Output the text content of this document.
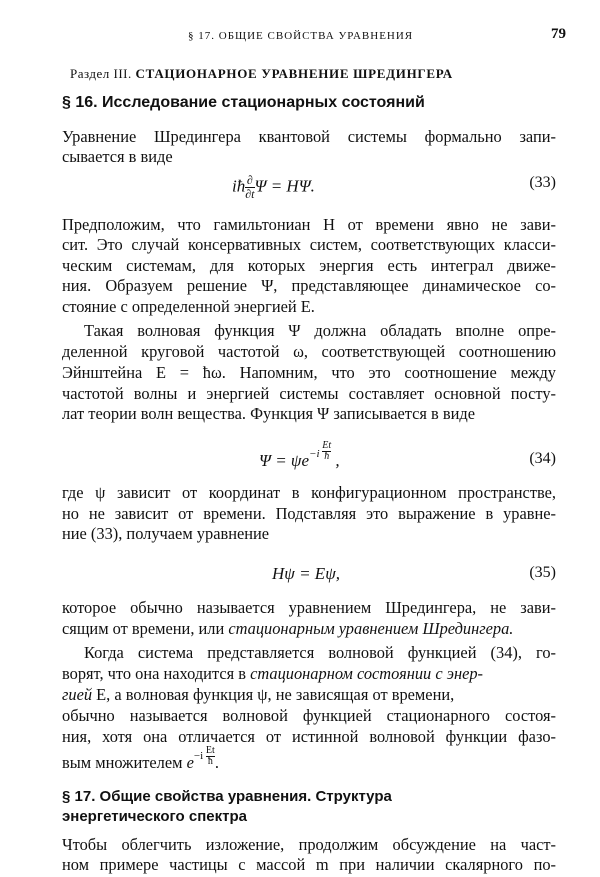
§ 17. ОБЩИЕ СВОЙСТВА УРАВНЕНИЯ	79
Раздел III. СТАЦИОНАРНОЕ УРАВНЕНИЕ ШРЕДИНГЕРА
§ 16. Исследование стационарных состояний
Уравнение Шредингера квантовой системы формально запи-
сывается в виде
iħ $\frac{\partial}{\partial t}$ Ψ = HΨ.	(33)
Предположим, что гамильтониан H от времени явно не зави-
сит. Это случай консервативных систем, соответствующих класси-
ческим системам, для которых энергия есть интеграл движе-
ния. Образуем решение Ψ, представляющее динамическое со-
стояние с определенной энергией E.
Такая волновая функция Ψ должна обладать вполне опре-
деленной круговой частотой ω, соответствующей соотношению
Эйнштейна E = ħω. Напомним, что это соотношение между
частотой волны и энергией системы составляет основной посту-
лат теории волн вещества. Функция Ψ записывается в виде
$\Psi = \psi e^{-i \frac{Et}{ħ}}$ ,	(34)
где ψ зависит от координат в конфигурационном пространстве,
но не зависит от времени. Подставляя это выражение в уравне-
ние (33), получаем уравнение
Hψ = Eψ,	(35)
которое обычно называется уравнением Шредингера, не зави-
сящим от времени, или стационарным уравнением Шредингера.
Когда система представляется волновой функцией (34), го-
ворят, что она находится в стационарном состоянии с энер-
гией E, а волновая функция ψ, не зависящая от времени,
обычно называется волновой функцией стационарного состоя-
ния, хотя она отличается от истинной волновой функции фазо-
вым множителем $e^{-i \frac{Et}{ħ}}$.
§ 17. Общие свойства уравнения. Структура
энергетического спектра
Чтобы облегчить изложение, продолжим обсуждение на част-
ном примере частицы с массой m при наличии скалярного по-
